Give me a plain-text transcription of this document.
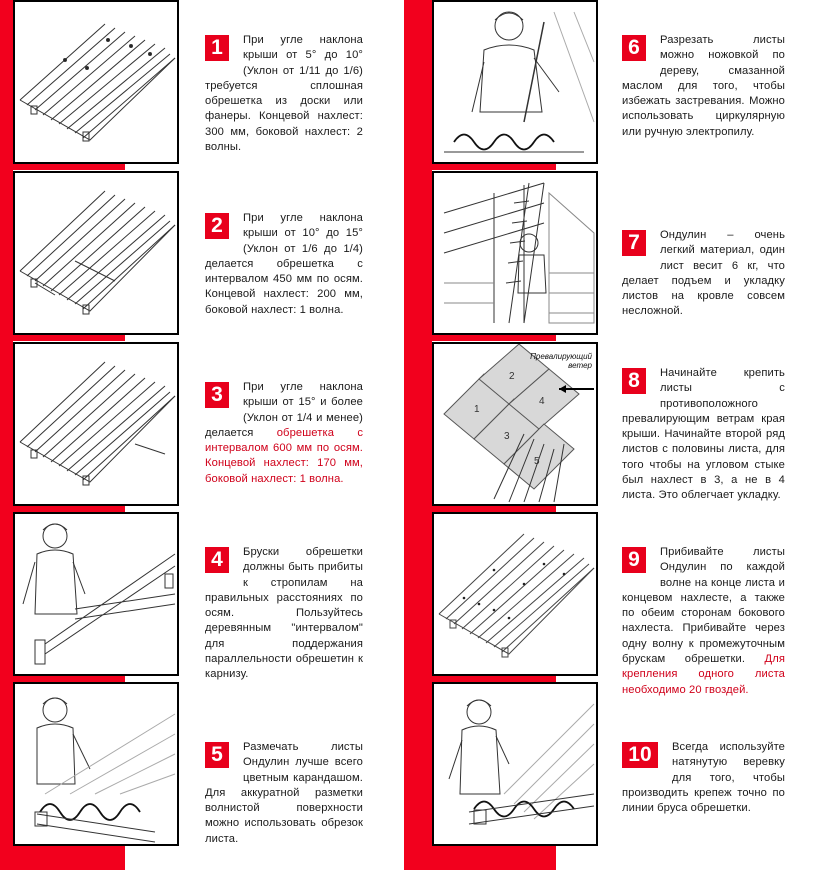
1	При угле наклона крыши от 5° до 10° (Уклон от 1/11 до 1/6) требуется сплошная обрешетка из доски или фанеры. Концевой нахлест: 300 мм, боковой нахлест: 2 волны.
2	При угле наклона крыши от 10° до 15° (Уклон от 1/6 до 1/4) делается обрешетка с интервалом 450 мм по осям. Концевой нахлест: 200 мм, боковой нахлест: 1 волна.
3	При угле наклона крыши от 15° и более (Уклон от 1/4 и менее) делается обрешетка с интервалом 600 мм по осям. Концевой нахлест: 170 мм, боковой нахлест: 1 волна.
4	Бруски обрешетки должны быть прибиты к стропилам на правильных расстояниях по осям. Пользуйтесь деревянным "интервалом" для поддержания параллельности обрешетин к карнизу.
5	Размечать листы Ондулин лучше всего цветным карандашом. Для аккуратной разметки волнистой поверхности можно использовать обрезок листа.
6	Разрезать листы можно ножовкой по дереву, смазанной маслом для того, чтобы избежать застревания. Можно использовать циркулярную или ручную электропилу.
7	Ондулин – очень легкий материал, один лист весит 6 кг, что делает подъем и укладку листов на кровле совсем несложной.
1
2
3
4
5
Превалирующий ветер
8	Начинайте крепить листы с противоположного превалирующим ветрам края крыши. Начинайте второй ряд листов с половины листа, для того чтобы на угловом стыке был нахлест в 3, а не в 4 листа. Это облегчает укладку.
9	Прибивайте листы Ондулин по каждой волне на конце листа и концевом нахлесте, а также по обеим сторонам бокового нахлеста. Прибивайте через одну волну к промежуточным брускам обрешетки. Для крепления одного листа необходимо 20 гвоздей.
10	Всегда используйте натянутую веревку для того, чтобы производить крепеж точно по линии бруса обрешетки.
